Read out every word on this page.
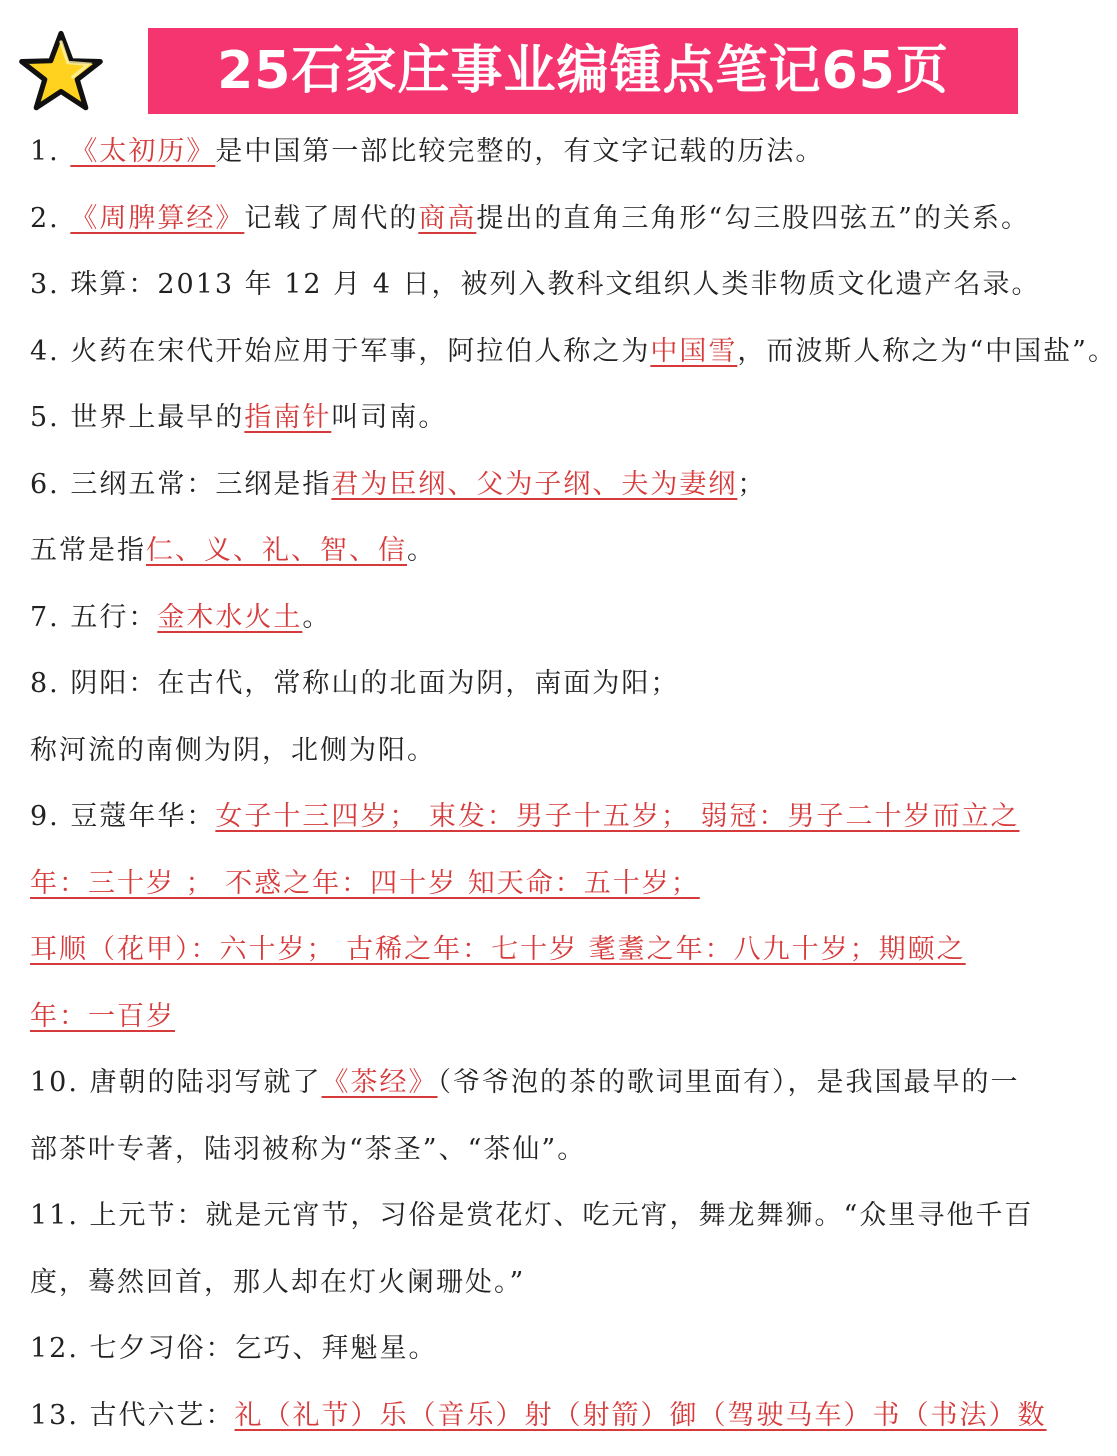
25石家庄事业编锺点笔记65页
1. 《太初历》是中国第一部比较完整的，有文字记载的历法。
2. 《周脾算经》记载了周代的商高提出的直角三角形“勾三股四弦五”的关系。
3. 珠算：2013 年 12 月 4 日，被列入教科文组织人类非物质文化遗产名录。
4. 火药在宋代开始应用于军事，阿拉伯人称之为中国雪，而波斯人称之为“中国盐”。
5. 世界上最早的指南针叫司南。
6. 三纲五常：三纲是指君为臣纲、父为子纲、夫为妻纲；
五常是指仁、义、礼、智、信。
7. 五行：金木水火土。
8. 阴阳：在古代，常称山的北面为阴，南面为阳；
称河流的南侧为阴，北侧为阳。
9. 豆蔻年华：女子十三四岁； 束发：男子十五岁； 弱冠：男子二十岁而立之
年：三十岁 ； 不惑之年：四十岁 知天命：五十岁；
耳顺（花甲）：六十岁； 古稀之年：七十岁 耄耋之年：八九十岁；期颐之
年：一百岁
10. 唐朝的陆羽写就了《茶经》（爷爷泡的茶的歌词里面有），是我国最早的一
部茶叶专著，陆羽被称为“茶圣”、“茶仙”。
11. 上元节：就是元宵节，习俗是赏花灯、吃元宵，舞龙舞狮。“众里寻他千百
度，蓦然回首，那人却在灯火阑珊处。”
12. 七夕习俗：乞巧、拜魁星。
13. 古代六艺：礼（礼节）乐（音乐）射（射箭）御（驾驶马车）书（书法）数
